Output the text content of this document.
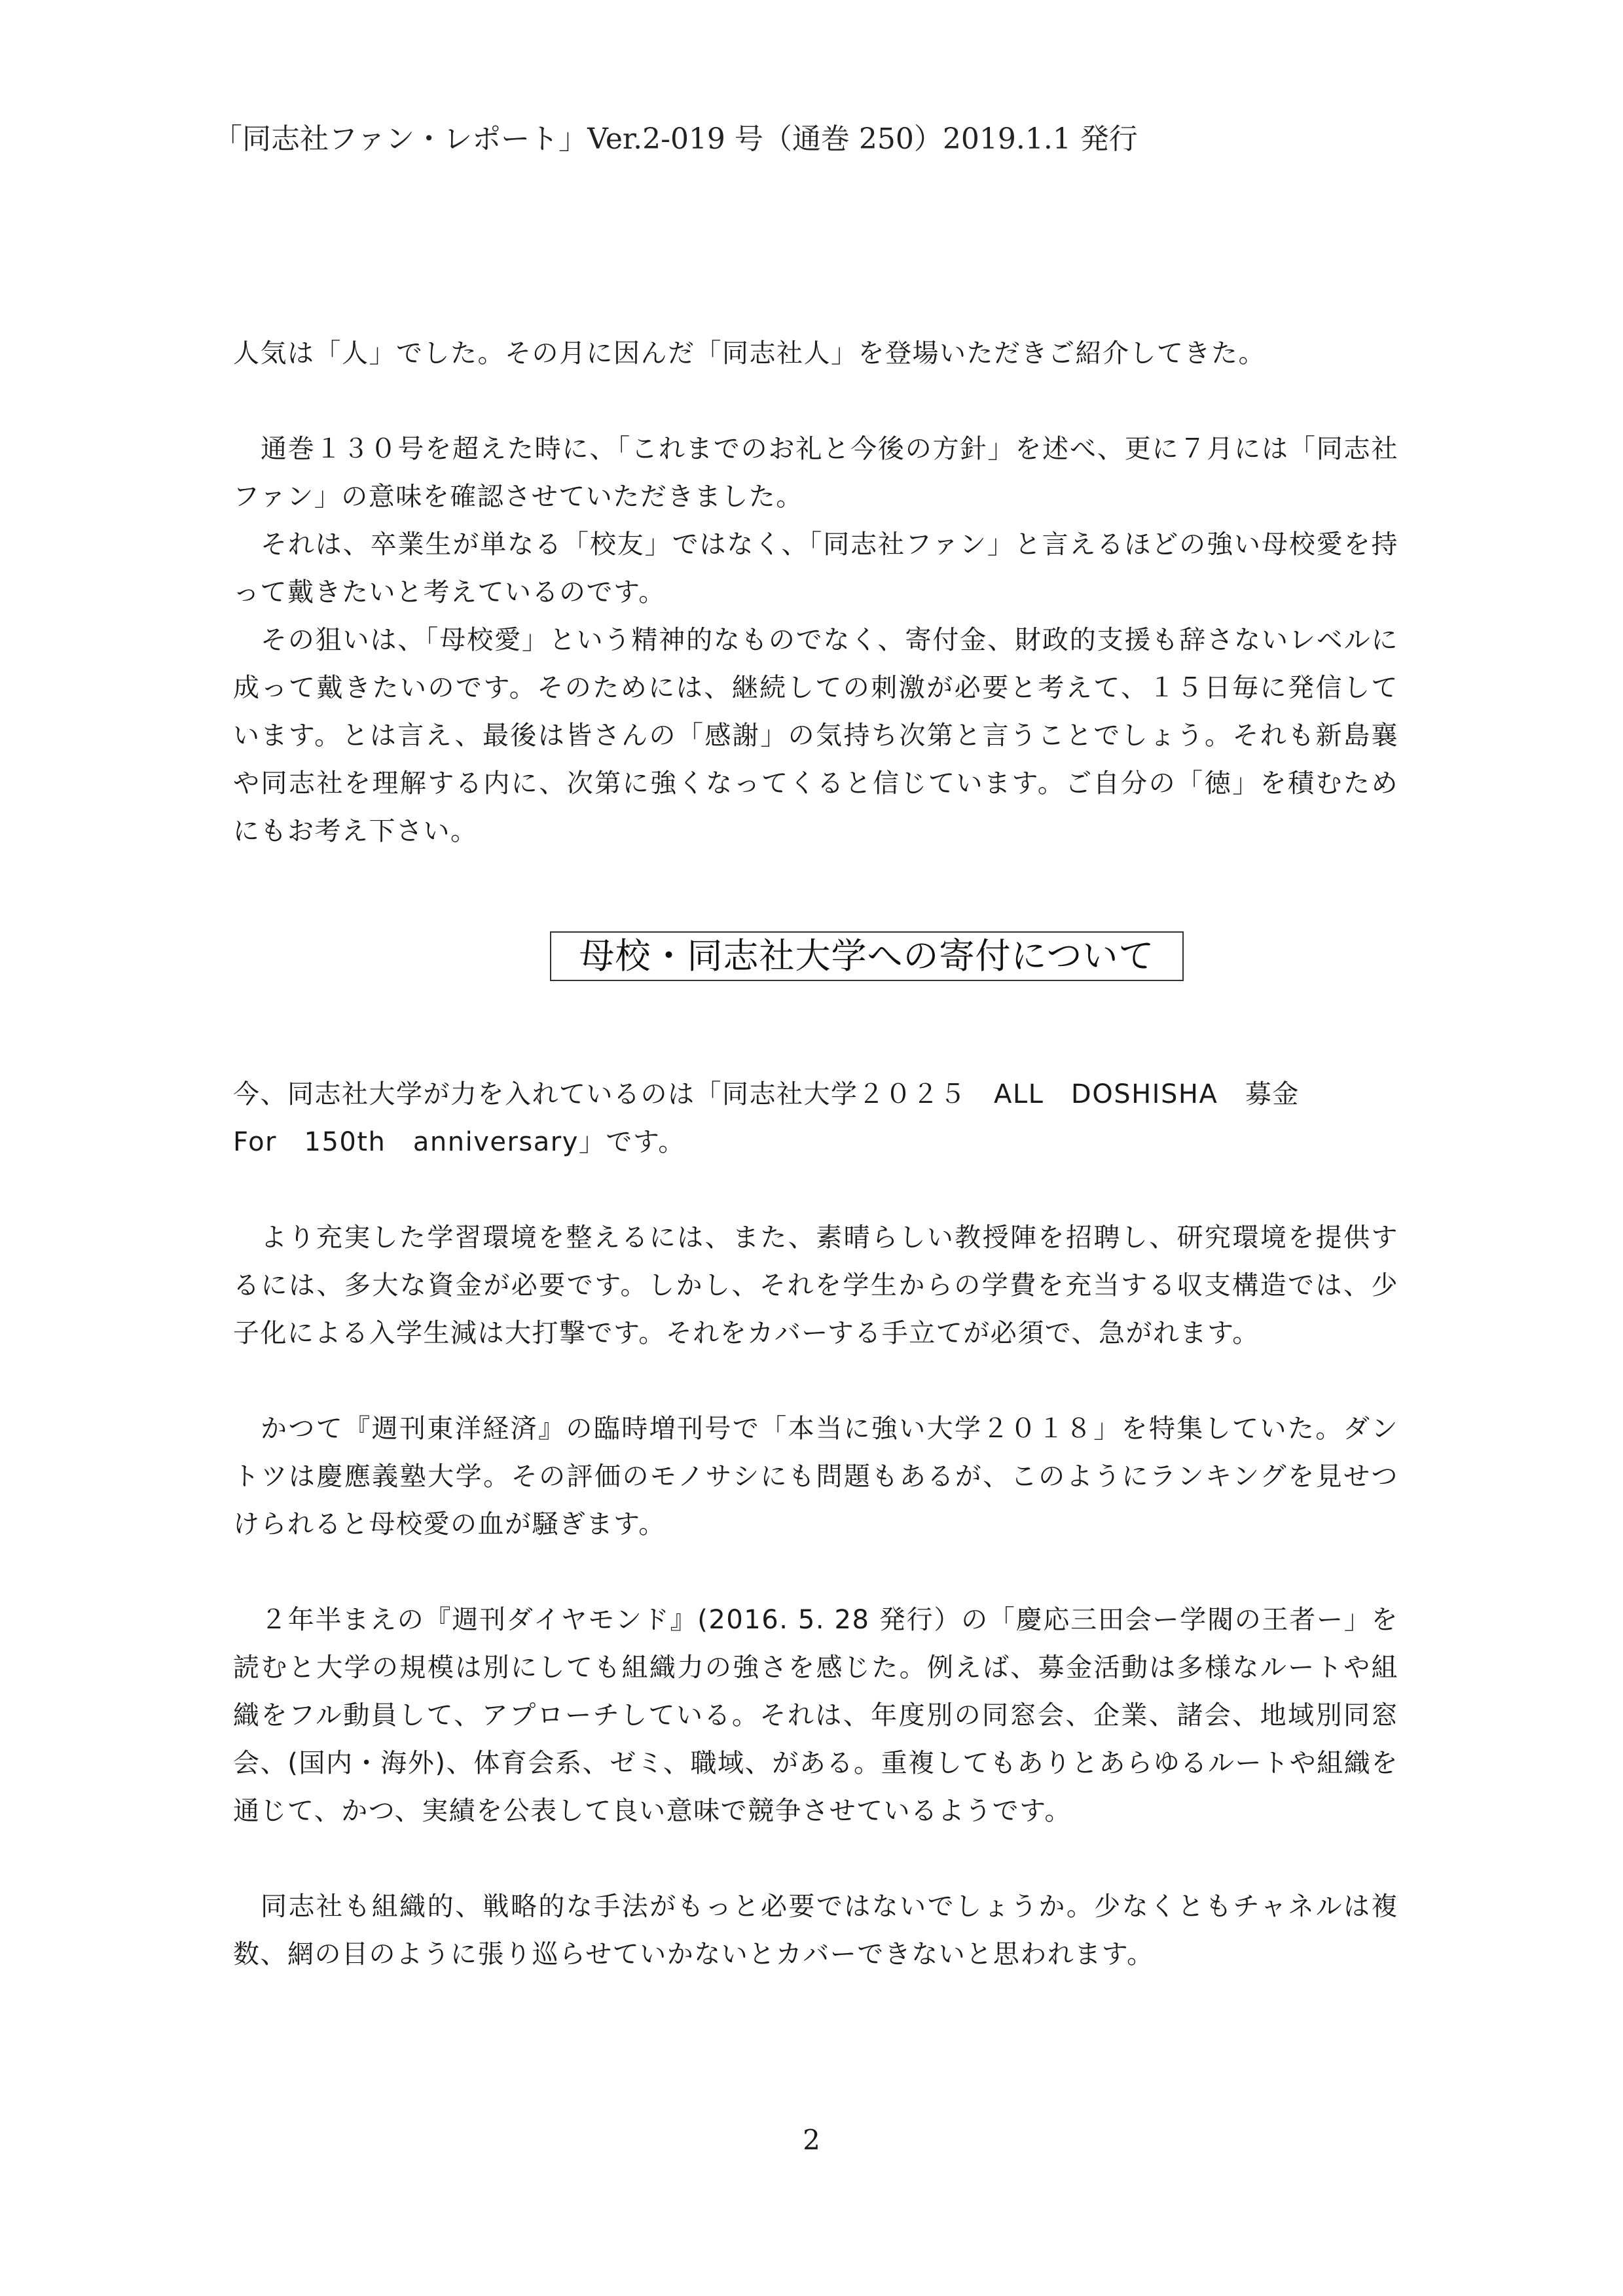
「同志社ファン・レポート」Ver.2-019 号（通巻 250）2019.1.1 発行

人気は「人」でした。その月に因んだ「同志社人」を登場いただきご紹介してきた。

通巻１３０号を超えた時に、「これまでのお礼と今後の方針」を述べ、更に７月には「同志社ファン」の意味を確認させていただきました。

それは、卒業生が単なる「校友」ではなく、「同志社ファン」と言えるほどの強い母校愛を持って戴きたいと考えているのです。

その狙いは、「母校愛」という精神的なものでなく、寄付金、財政的支援も辞さないレベルに成って戴きたいのです。そのためには、継続しての刺激が必要と考えて、１５日毎に発信しています。とは言え、最後は皆さんの「感謝」の気持ち次第と言うことでしょう。それも新島襄や同志社を理解する内に、次第に強くなってくると信じています。ご自分の「徳」を積むためにもお考え下さい。

母校・同志社大学への寄付について

今、同志社大学が力を入れているのは「同志社大学２０２５　ALL　DOSHISHA　募金

For　150th　anniversary」です。

より充実した学習環境を整えるには、また、素晴らしい教授陣を招聘し、研究環境を提供するには、多大な資金が必要です。しかし、それを学生からの学費を充当する収支構造では、少子化による入学生減は大打撃です。それをカバーする手立てが必須で、急がれます。

かつて『週刊東洋経済』の臨時増刊号で「本当に強い大学２０１８」を特集していた。ダントツは慶應義塾大学。その評価のモノサシにも問題もあるが、このようにランキングを見せつけられると母校愛の血が騒ぎます。

２年半まえの『週刊ダイヤモンド』(2016. 5. 28 発行）の「慶応三田会ー学閥の王者ー」を読むと大学の規模は別にしても組織力の強さを感じた。例えば、募金活動は多様なルートや組織をフル動員して、アプローチしている。それは、年度別の同窓会、企業、諸会、地域別同窓会、(国内・海外)、体育会系、ゼミ、職域、がある。重複してもありとあらゆるルートや組織を通じて、かつ、実績を公表して良い意味で競争させているようです。

同志社も組織的、戦略的な手法がもっと必要ではないでしょうか。少なくともチャネルは複数、網の目のように張り巡らせていかないとカバーできないと思われます。

2
